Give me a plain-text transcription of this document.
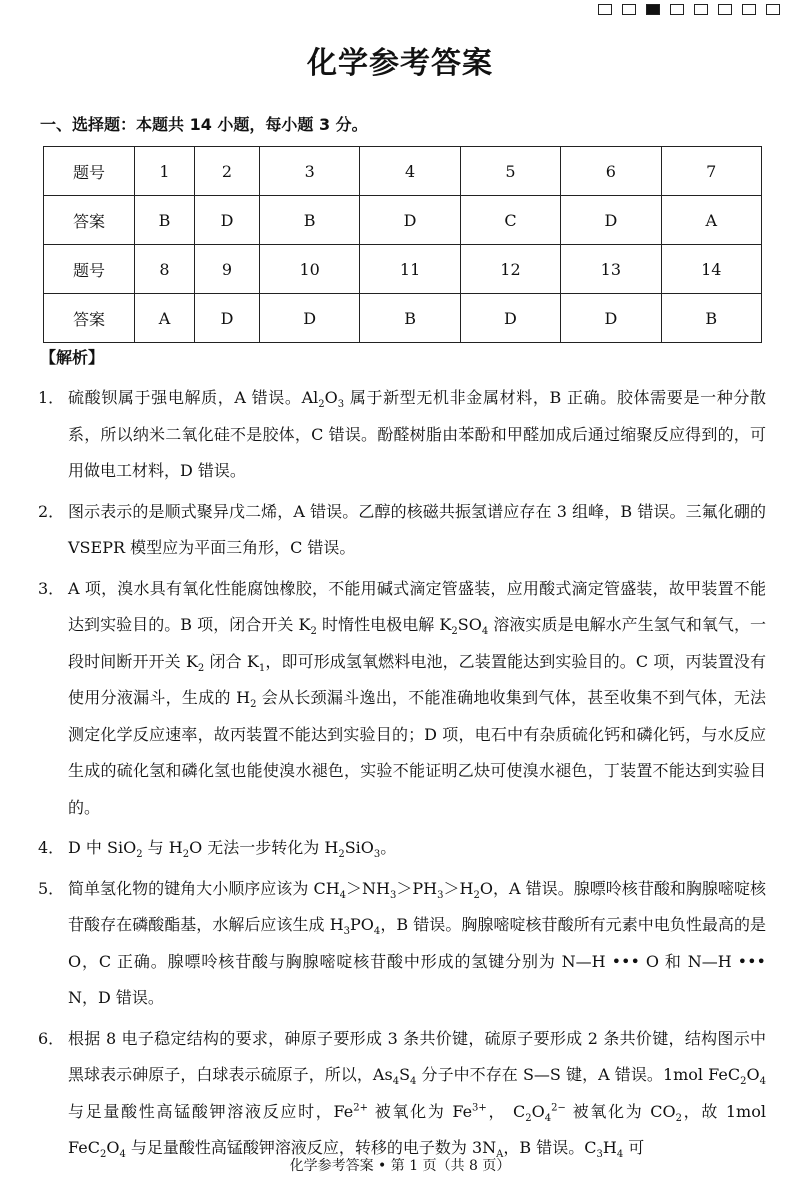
化学参考答案
一、选择题：本题共 14 小题，每小题 3 分。
题号	1	2	3	4	5	6	7
答案	B	D	B	D	C	D	A
题号	8	9	10	11	12	13	14
答案	A	D	D	B	D	D	B
【解析】
1． 硫酸钡属于强电解质，A 错误。$Al_2O_3$ 属于新型无机非金属材料，B 正确。胶体需要是一种分散系，所以纳米二氧化硅不是胶体，C 错误。酚醛树脂由苯酚和甲醛加成后通过缩聚反应得到的，可用做电工材料，D 错误。
2． 图示表示的是顺式聚异戊二烯，A 错误。乙醇的核磁共振氢谱应存在 3 组峰，B 错误。三氟化硼的 VSEPR 模型应为平面三角形，C 错误。
3． A 项，溴水具有氧化性能腐蚀橡胶，不能用碱式滴定管盛装，应用酸式滴定管盛装，故甲装置不能达到实验目的。B 项，闭合开关 $K_2$ 时惰性电极电解 $K_2SO_4$ 溶液实质是电解水产生氢气和氧气，一段时间断开开关 $K_2$ 闭合 $K_1$，即可形成氢氧燃料电池，乙装置能达到实验目的。C 项，丙装置没有使用分液漏斗，生成的 $H_2$ 会从长颈漏斗逸出，不能准确地收集到气体，甚至收集不到气体，无法测定化学反应速率，故丙装置不能达到实验目的；D 项，电石中有杂质硫化钙和磷化钙，与水反应生成的硫化氢和磷化氢也能使溴水褪色，实验不能证明乙炔可使溴水褪色，丁装置不能达到实验目的。
4． D 中 SiO$_2$ 与 $H_2O$ 无法一步转化为 $H_2SiO_3$。
5． 简单氢化物的键角大小顺序应该为 $CH_4>NH_3>PH_3>H_2O$，A 错误。腺嘌呤核苷酸和胸腺嘧啶核苷酸存在磷酸酯基，水解后应该生成 $H_3PO_4$，B 错误。胸腺嘧啶核苷酸所有元素中电负性最高的是 O，C 正确。腺嘌呤核苷酸与胸腺嘧啶核苷酸中形成的氢键分别为 N—H ••• O 和 N—H ••• N，D 错误。
6． 根据 8 电子稳定结构的要求，砷原子要形成 3 条共价键，硫原子要形成 2 条共价键，结构图示中黑球表示砷原子，白球表示硫原子，所以，$As_4S_4$ 分子中不存在 S—S 键，A 错误。1mol $FeC_2O_4$ 与足量酸性高锰酸钾溶液反应时，$Fe^{2+}$ 被氧化为 $Fe^{3+}$， $C_2O_4^{2-}$ 被氧化为 $CO_2$，故 1mol $FeC_2O_4$ 与足量酸性高锰酸钾溶液反应，转移的电子数为 $3N_A$，B 错误。$C_3H_4$ 可
化学参考答案 • 第 1 页（共 8 页）
